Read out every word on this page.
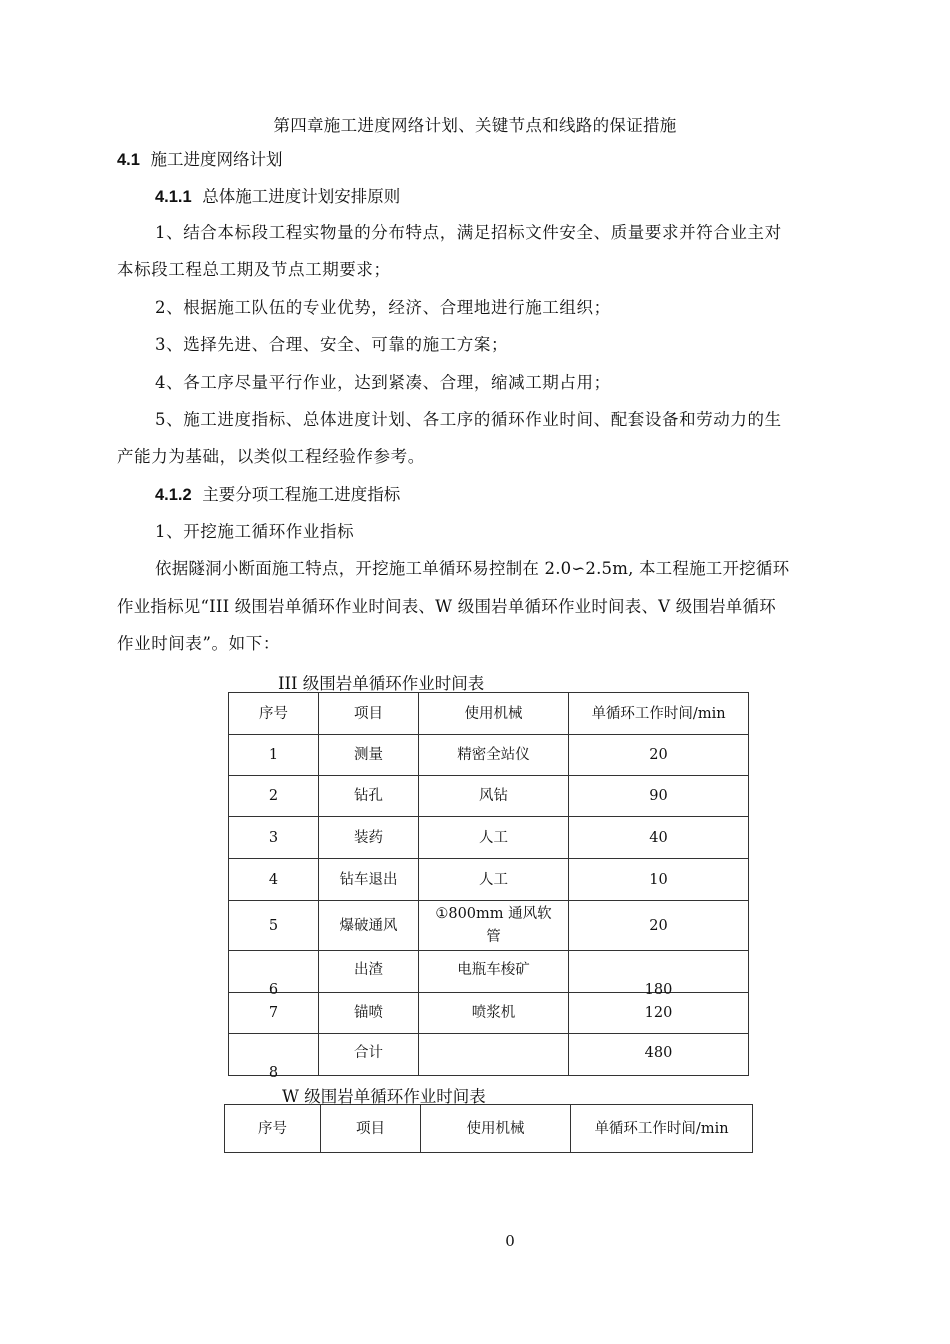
第四章施工进度网络计划、关键节点和线路的保证措施
4.1 施工进度网络计划
4.1.1 总体施工进度计划安排原则
1、结合本标段工程实物量的分布特点，满足招标文件安全、质量要求并符合业主对
本标段工程总工期及节点工期要求；
2、根据施工队伍的专业优势，经济、合理地进行施工组织；
3、选择先进、合理、安全、可靠的施工方案；
4、各工序尽量平行作业，达到紧凑、合理，缩减工期占用；
5、施工进度指标、总体进度计划、各工序的循环作业时间、配套设备和劳动力的生
产能力为基础，以类似工程经验作参考。
4.1.2 主要分项工程施工进度指标
1、开挖施工循环作业指标
依据隧洞小断面施工特点，开挖施工单循环易控制在 2.0∽2.5m, 本工程施工开挖循环
作业指标见“III 级围岩单循环作业时间表、W 级围岩单循环作业时间表、V 级围岩单循环
作业时间表”。如下：
III 级围岩单循环作业时间表
序号	项目	使用机械	单循环工作时间/min
1	测量	精密全站仪	20
2	钻孔	风钻	90
3	装药	人工	40
4	钻车退出	人工	10
5	爆破通风	①800mm 通风软
管	20
6	出渣	电瓶车梭矿	180
7	锚喷	喷浆机	120
8	合计		480
W 级围岩单循环作业时间表
序号	项目	使用机械	单循环工作时间/min
0
